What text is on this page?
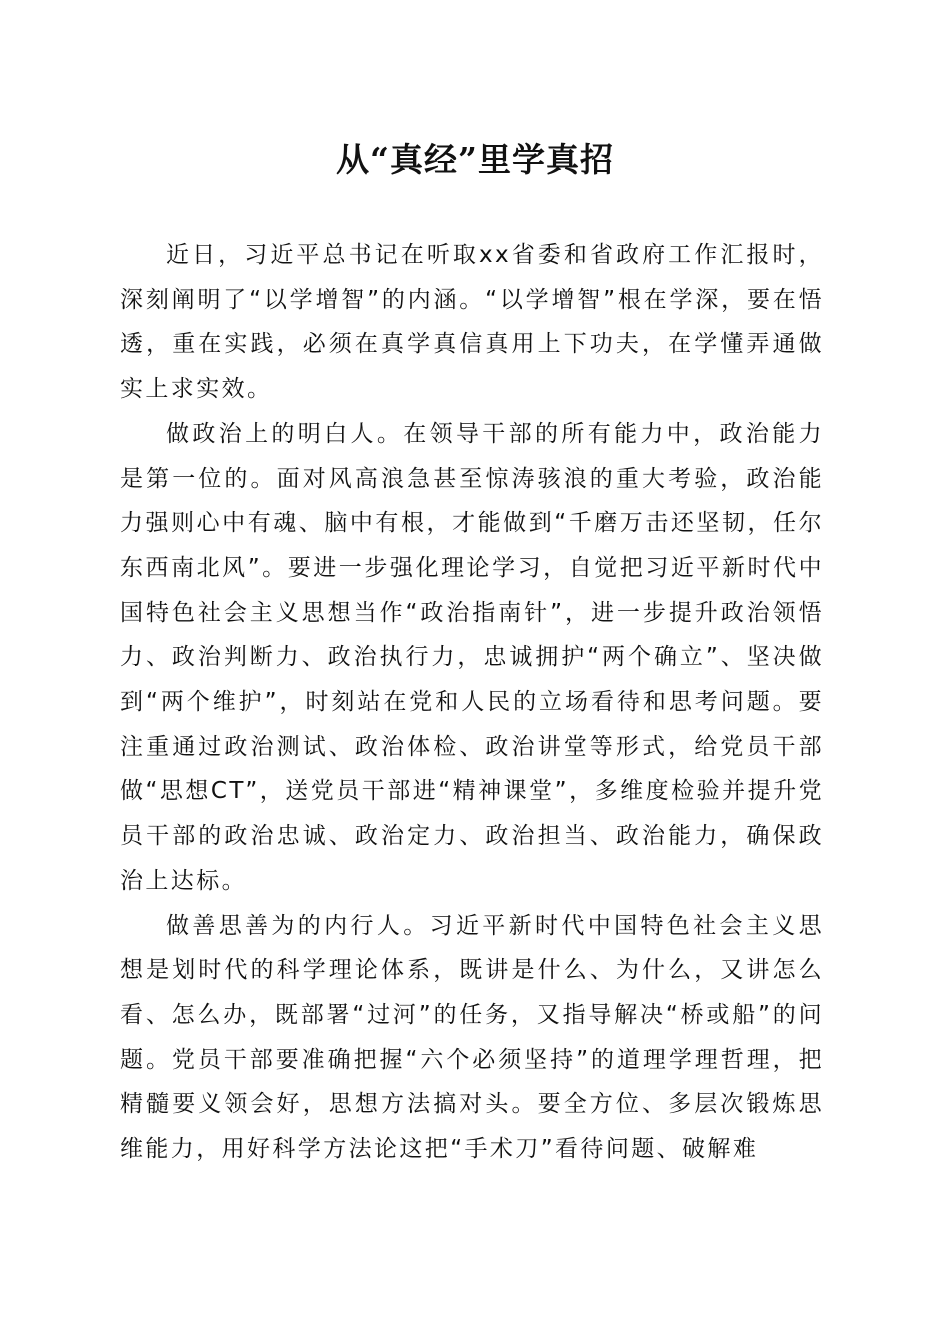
从“真经”里学真招

近日，习近平总书记在听取xx省委和省政府工作汇报时，深刻阐明了“以学增智”的内涵。“以学增智”根在学深，要在悟透，重在实践，必须在真学真信真用上下功夫，在学懂弄通做实上求实效。

做政治上的明白人。在领导干部的所有能力中，政治能力是第一位的。面对风高浪急甚至惊涛骇浪的重大考验，政治能力强则心中有魂、脑中有根，才能做到“千磨万击还坚韧，任尔东西南北风”。要进一步强化理论学习，自觉把习近平新时代中国特色社会主义思想当作“政治指南针”，进一步提升政治领悟力、政治判断力、政治执行力，忠诚拥护“两个确立”、坚决做到“两个维护”，时刻站在党和人民的立场看待和思考问题。要注重通过政治测试、政治体检、政治讲堂等形式，给党员干部做“思想CT”，送党员干部进“精神课堂”，多维度检验并提升党员干部的政治忠诚、政治定力、政治担当、政治能力，确保政治上达标。

做善思善为的内行人。习近平新时代中国特色社会主义思想是划时代的科学理论体系，既讲是什么、为什么，又讲怎么看、怎么办，既部署“过河”的任务，又指导解决“桥或船”的问题。党员干部要准确把握“六个必须坚持”的道理学理哲理，把精髓要义领会好，思想方法搞对头。要全方位、多层次锻炼思维能力，用好科学方法论这把“手术刀”看待问题、破解难
